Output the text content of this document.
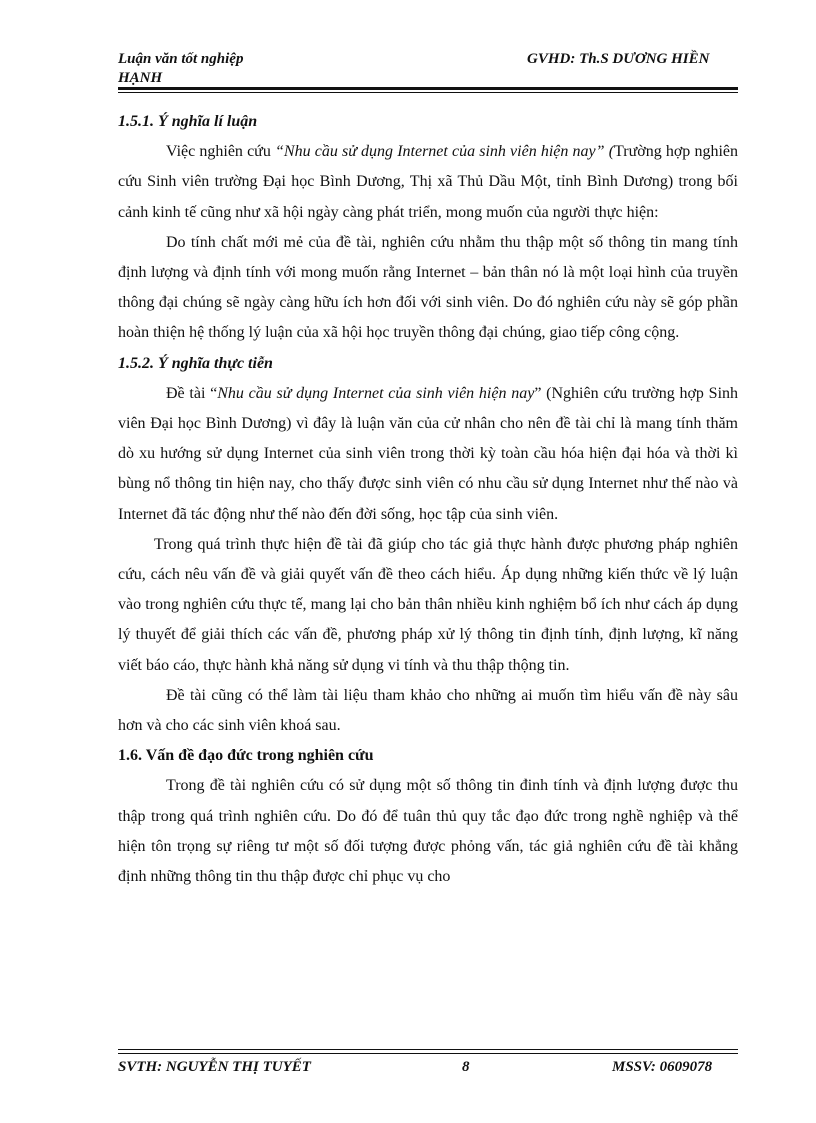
Luận văn tốt nghiệp
HẠNH
GVHD: Th.S DƯƠNG HIỀN
1.5.1. Ý nghĩa lí luận

Việc nghiên cứu “Nhu cầu sử dụng Internet của sinh viên hiện nay” (Trường hợp nghiên cứu Sinh viên trường Đại học Bình Dương, Thị xã Thủ Dầu Một, tỉnh Bình Dương) trong bối cảnh kinh tế cũng như xã hội ngày càng phát triển, mong muốn của người thực hiện:

Do tính chất mới mẻ của đề tài, nghiên cứu nhằm thu thập một số thông tin mang tính định lượng và định tính với mong muốn rằng Internet – bản thân nó là một loại hình của truyền thông đại chúng sẽ ngày càng hữu ích hơn đối với sinh viên. Do đó nghiên cứu này sẽ góp phần hoàn thiện hệ thống lý luận của xã hội học truyền thông đại chúng, giao tiếp công cộng.

1.5.2. Ý nghĩa thực tiễn

Đề tài “Nhu cầu sử dụng Internet của sinh viên hiện nay” (Nghiên cứu trường hợp Sinh viên Đại học Bình Dương) vì đây là luận văn của cử nhân cho nên đề tài chỉ là mang tính thăm dò xu hướng sử dụng Internet của sinh viên trong thời kỳ toàn cầu hóa hiện đại hóa và thời kì bùng nổ thông tin hiện nay, cho thấy được sinh viên có nhu cầu sử dụng Internet như thế nào và Internet đã tác động như thế nào đến đời sống, học tập của sinh viên.

Trong quá trình thực hiện đề tài đã giúp cho tác giả thực hành được phương pháp nghiên cứu, cách nêu vấn đề và giải quyết vấn đề theo cách hiểu. Áp dụng những kiến thức về lý luận vào trong nghiên cứu thực tế, mang lại cho bản thân nhiều kinh nghiệm bổ ích như cách áp dụng lý thuyết để giải thích các vấn đề, phương pháp xử lý thông tin định tính, định lượng, kĩ năng viết báo cáo, thực hành khả năng sử dụng vi tính và thu thập thộng tin.

Đề tài cũng có thể làm tài liệu tham khảo cho những ai muốn tìm hiểu vấn đề này sâu hơn và cho các sinh viên khoá sau.

1.6. Vấn đề đạo đức trong nghiên cứu

Trong đề tài nghiên cứu có sử dụng một số thông tin đinh tính và định lượng được thu thập trong quá trình nghiên cứu. Do đó để tuân thủ quy tắc đạo đức trong nghề nghiệp và thể hiện tôn trọng sự riêng tư một số đối tượng được phỏng vấn, tác giả nghiên cứu đề tài khẳng định những thông tin thu thập được chỉ phục vụ cho

SVTH: NGUYỄN THỊ TUYẾT	8	MSSV: 0609078
